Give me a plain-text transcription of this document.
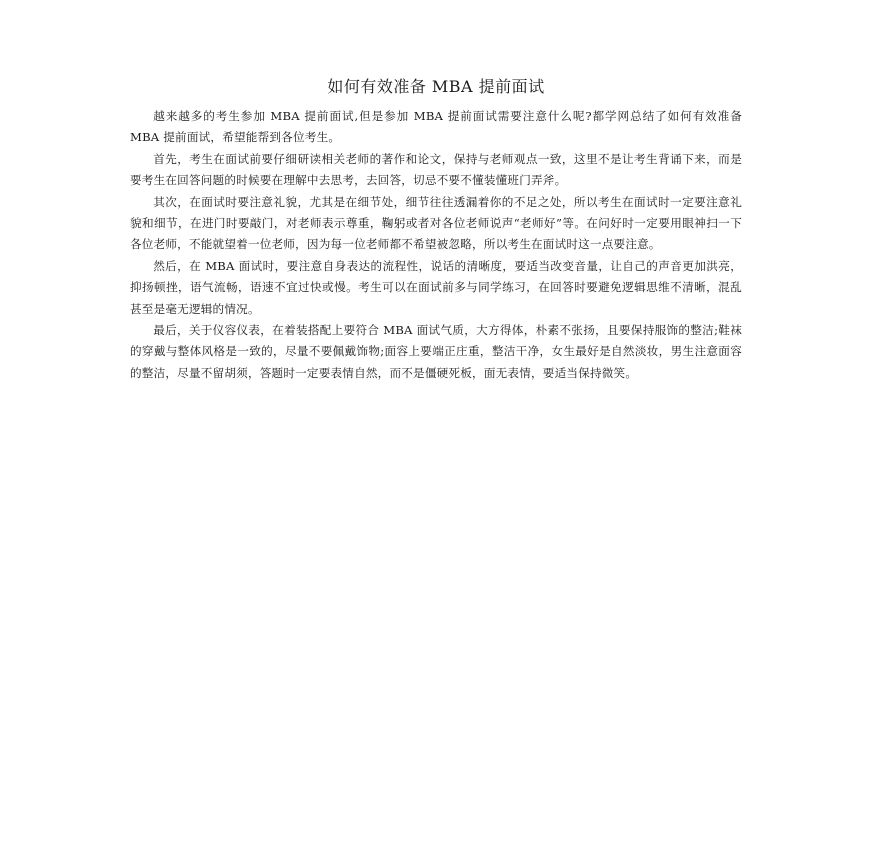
如何有效准备 MBA 提前面试

越来越多的考生参加 MBA 提前面试,但是参加 MBA 提前面试需要注意什么呢?都学网总结了如何有效准备 MBA 提前面试，希望能帮到各位考生。

首先，考生在面试前要仔细研读相关老师的著作和论文，保持与老师观点一致，这里不是让考生背诵下来，而是要考生在回答问题的时候要在理解中去思考，去回答，切忌不要不懂装懂班门弄斧。

其次，在面试时要注意礼貌，尤其是在细节处，细节往往透漏着你的不足之处，所以考生在面试时一定要注意礼貌和细节，在进门时要敲门，对老师表示尊重，鞠躬或者对各位老师说声“老师好”等。在问好时一定要用眼神扫一下各位老师，不能就望着一位老师，因为每一位老师都不希望被忽略，所以考生在面试时这一点要注意。

然后，在 MBA 面试时，要注意自身表达的流程性，说话的清晰度，要适当改变音量，让自己的声音更加洪亮，抑扬顿挫，语气流畅，语速不宜过快或慢。考生可以在面试前多与同学练习，在回答时要避免逻辑思维不清晰，混乱甚至是毫无逻辑的情况。

最后，关于仪容仪表，在着装搭配上要符合 MBA 面试气质，大方得体，朴素不张扬，且要保持服饰的整洁;鞋袜的穿戴与整体风格是一致的，尽量不要佩戴饰物;面容上要端正庄重，整洁干净，女生最好是自然淡妆，男生注意面容的整洁，尽量不留胡须，答题时一定要表情自然，而不是僵硬死板，面无表情，要适当保持微笑。
